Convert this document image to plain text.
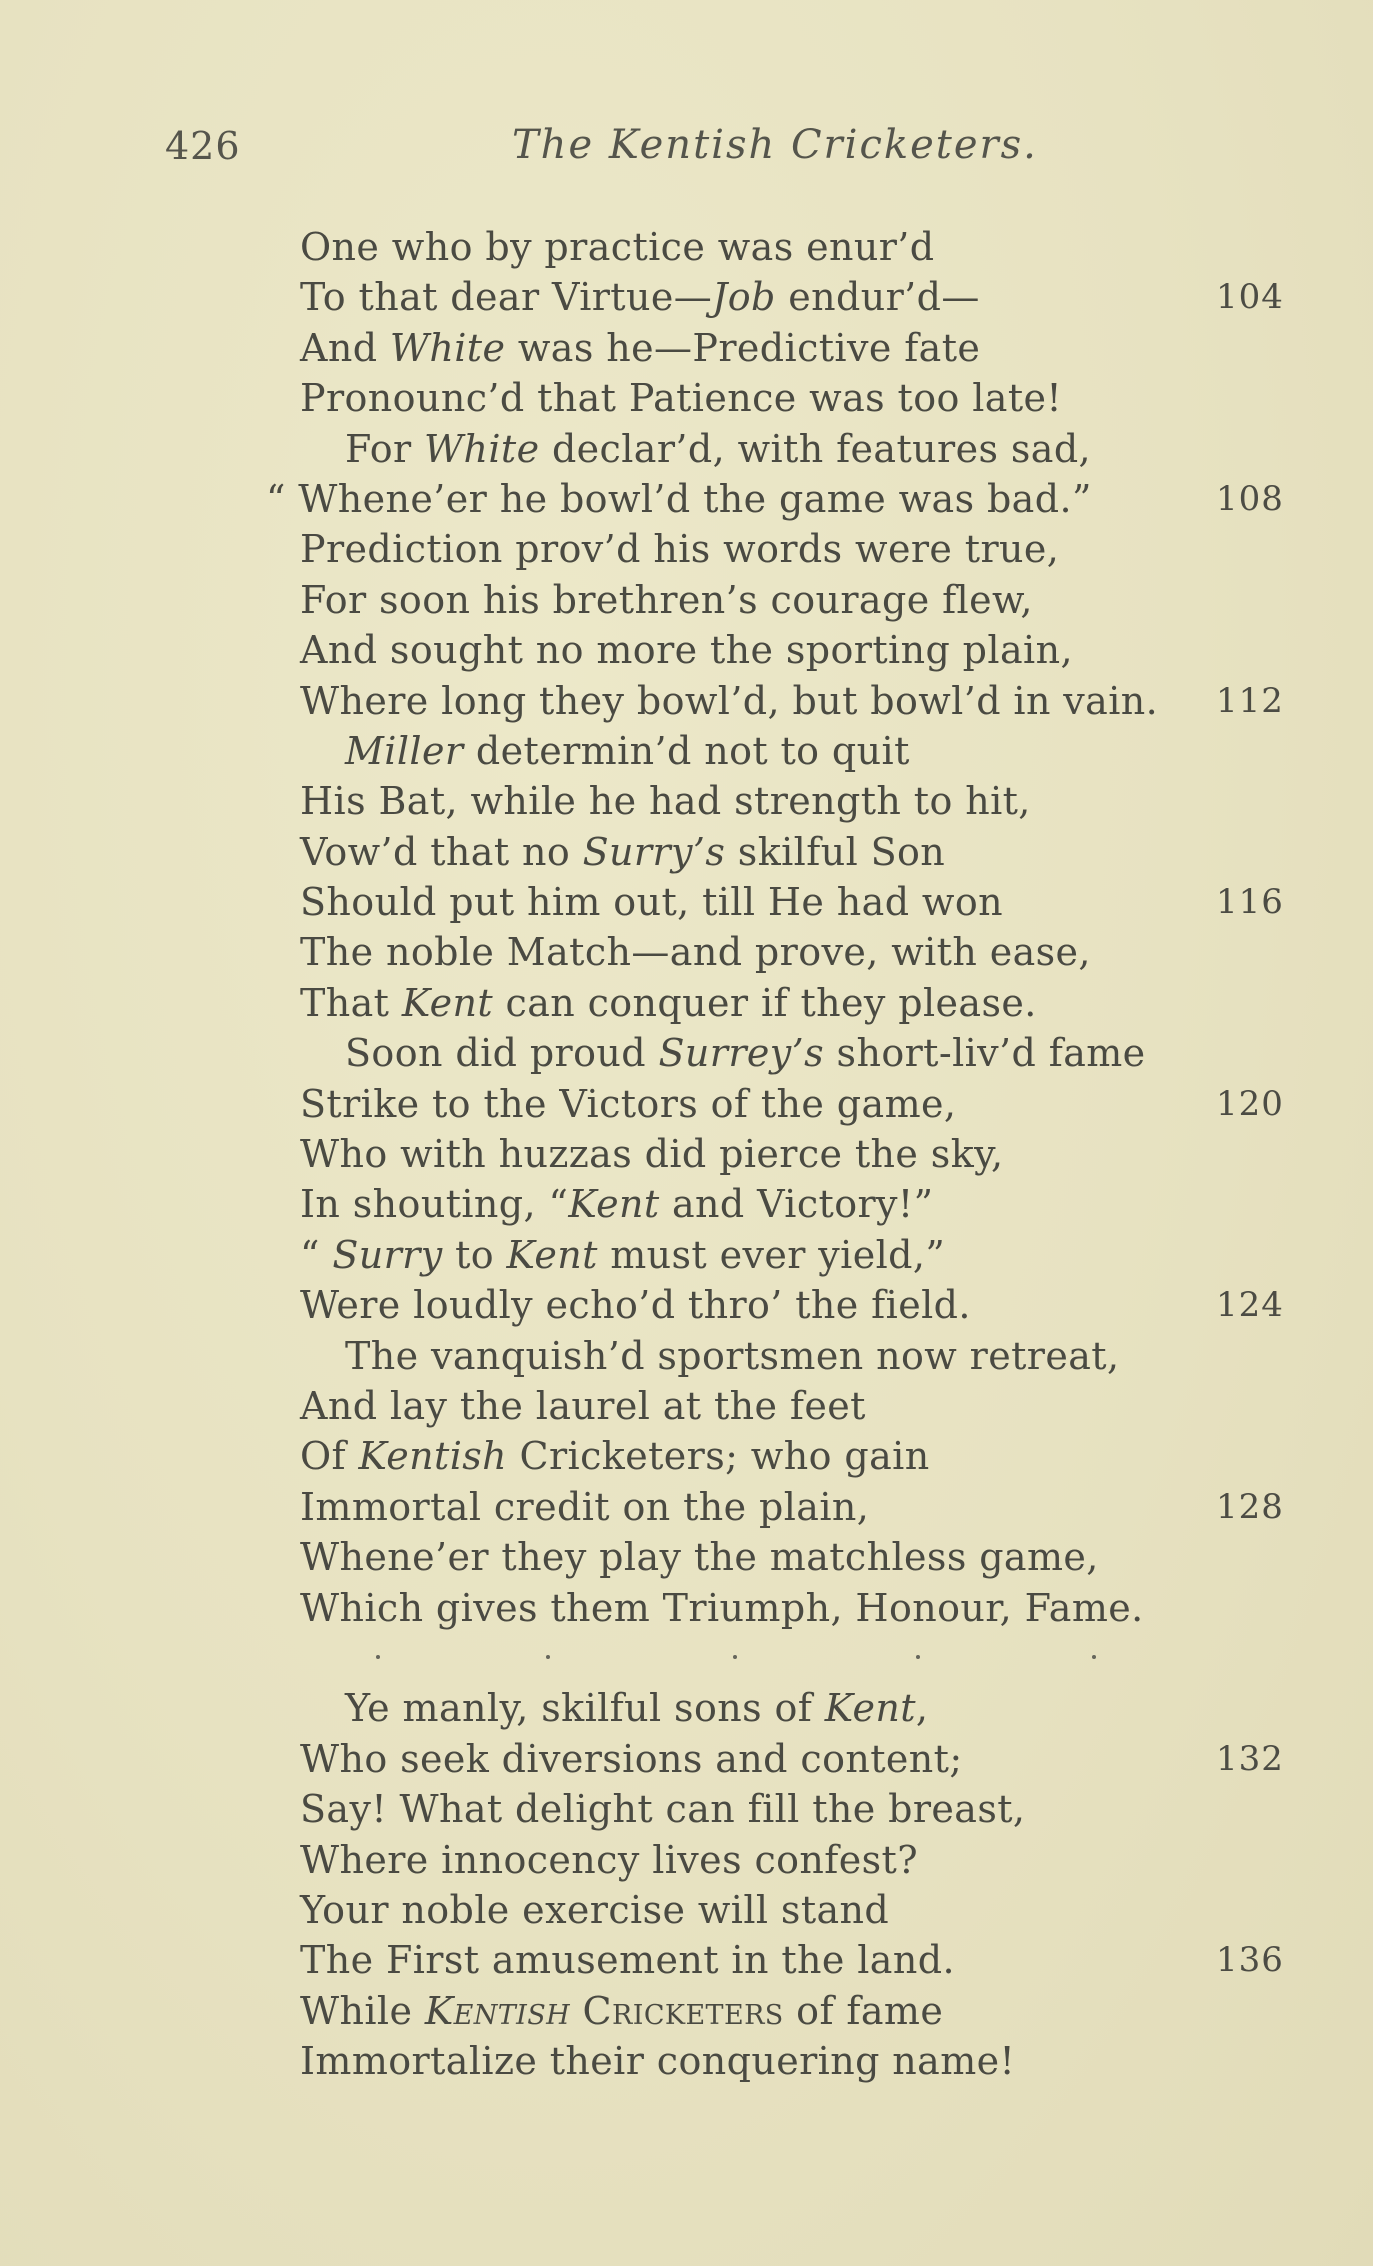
426	The Kentish Cricketers.
One who by practice was enur’d
To that dear Virtue—Job endur’d—	104
And White was he—Predictive fate
Pronounc’d that Patience was too late!
For White declar’d, with features sad,
“ Whene’er he bowl’d the game was bad.”	108
Prediction prov’d his words were true,
For soon his brethren’s courage flew,
And sought no more the sporting plain,
Where long they bowl’d, but bowl’d in vain. 112
Miller determin’d not to quit
His Bat, while he had strength to hit,
Vow’d that no Surry’s skilful Son
Should put him out, till He had won	116
The noble Match—and prove, with ease,
That Kent can conquer if they please.
Soon did proud Surrey’s short-liv’d fame
Strike to the Victors of the game,	120
Who with huzzas did pierce the sky,
In shouting, “Kent and Victory!”
“ Surry to Kent must ever yield,”
Were loudly echo’d thro’ the field.	124
The vanquish’d sportsmen now retreat,
And lay the laurel at the feet
Of Kentish Cricketers; who gain
Immortal credit on the plain,	128
Whene’er they play the matchless game,
Which gives them Triumph, Honour, Fame.
Ye manly, skilful sons of Kent,
Who seek diversions and content;	132
Say! What delight can fill the breast,
Where innocency lives confest?
Your noble exercise will stand
The First amusement in the land.	136
While Kentish Cricketers of fame
Immortalize their conquering name!
